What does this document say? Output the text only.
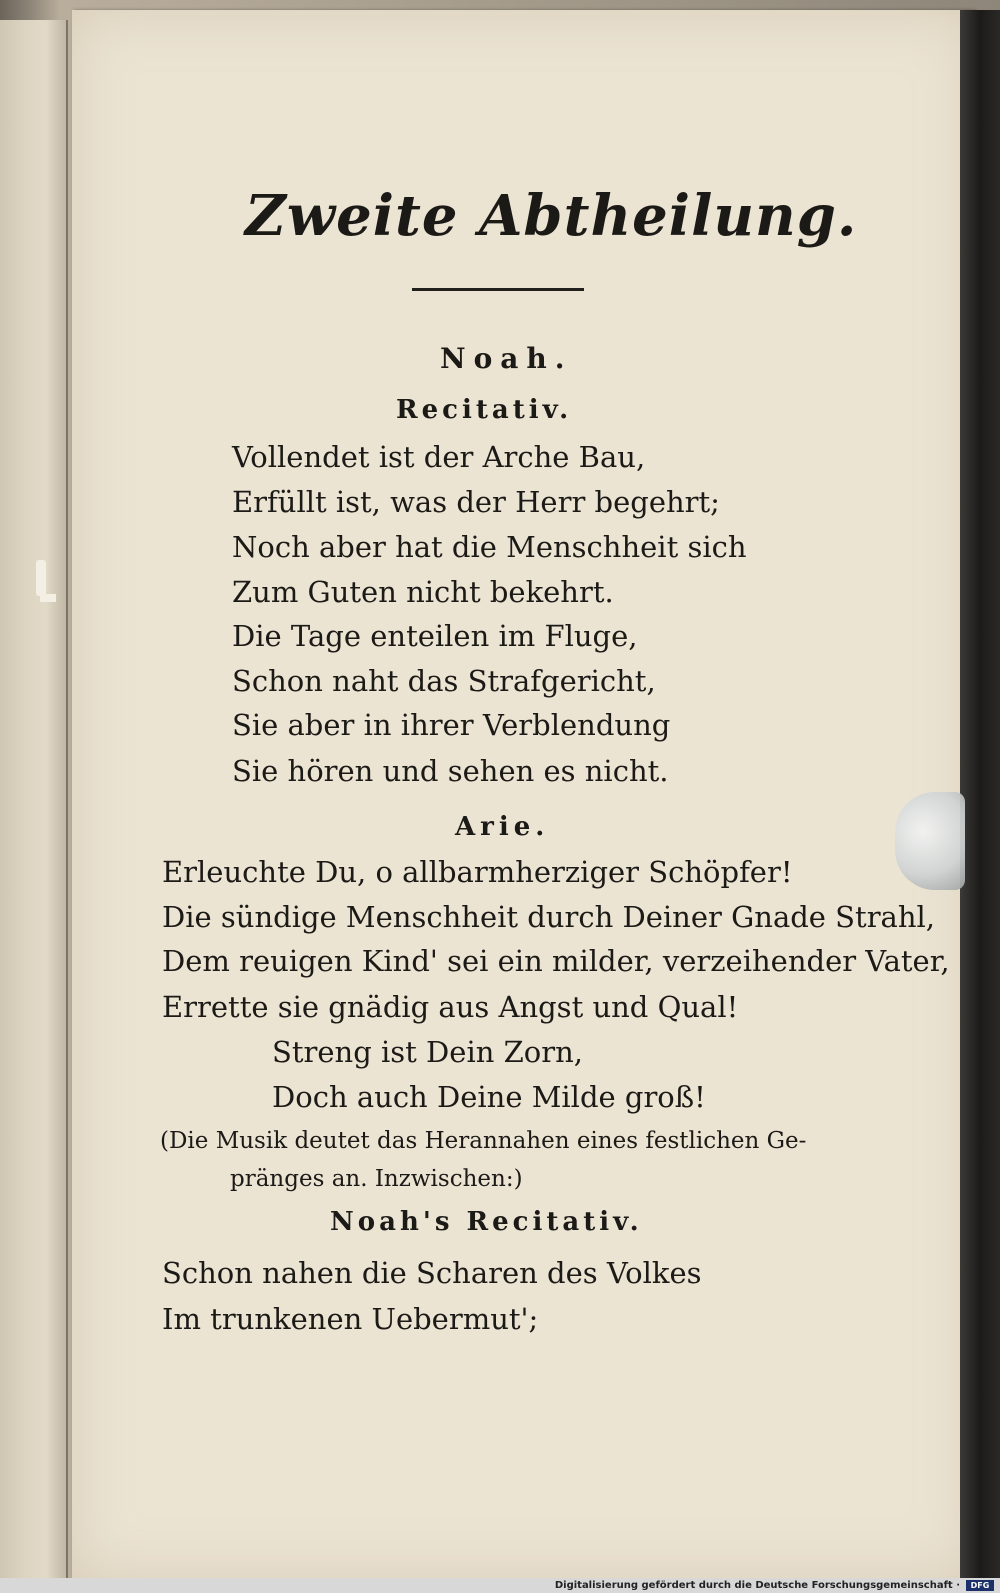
Zweite Abtheilung.
Noah.
Recitativ.
Vollendet ist der Arche Bau,
Erfüllt ist, was der Herr begehrt;
Noch aber hat die Menschheit sich
Zum Guten nicht bekehrt.
Die Tage enteilen im Fluge,
Schon naht das Strafgericht,
Sie aber in ihrer Verblendung
Sie hören und sehen es nicht.
Arie.
Erleuchte Du, o allbarmherziger Schöpfer!
Die sündige Menschheit durch Deiner Gnade Strahl,
Dem reuigen Kind' sei ein milder, verzeihender Vater,
Errette sie gnädig aus Angst und Qual!
Streng ist Dein Zorn,
Doch auch Deine Milde groß!
(Die Musik deutet das Herannahen eines festlichen Ge-
pränges an. Inzwischen:)
Noah's Recitativ.
Schon nahen die Scharen des Volkes
Im trunkenen Uebermut';
Digitalisierung gefördert durch die Deutsche Forschungsgemeinschaft ·	DFG
